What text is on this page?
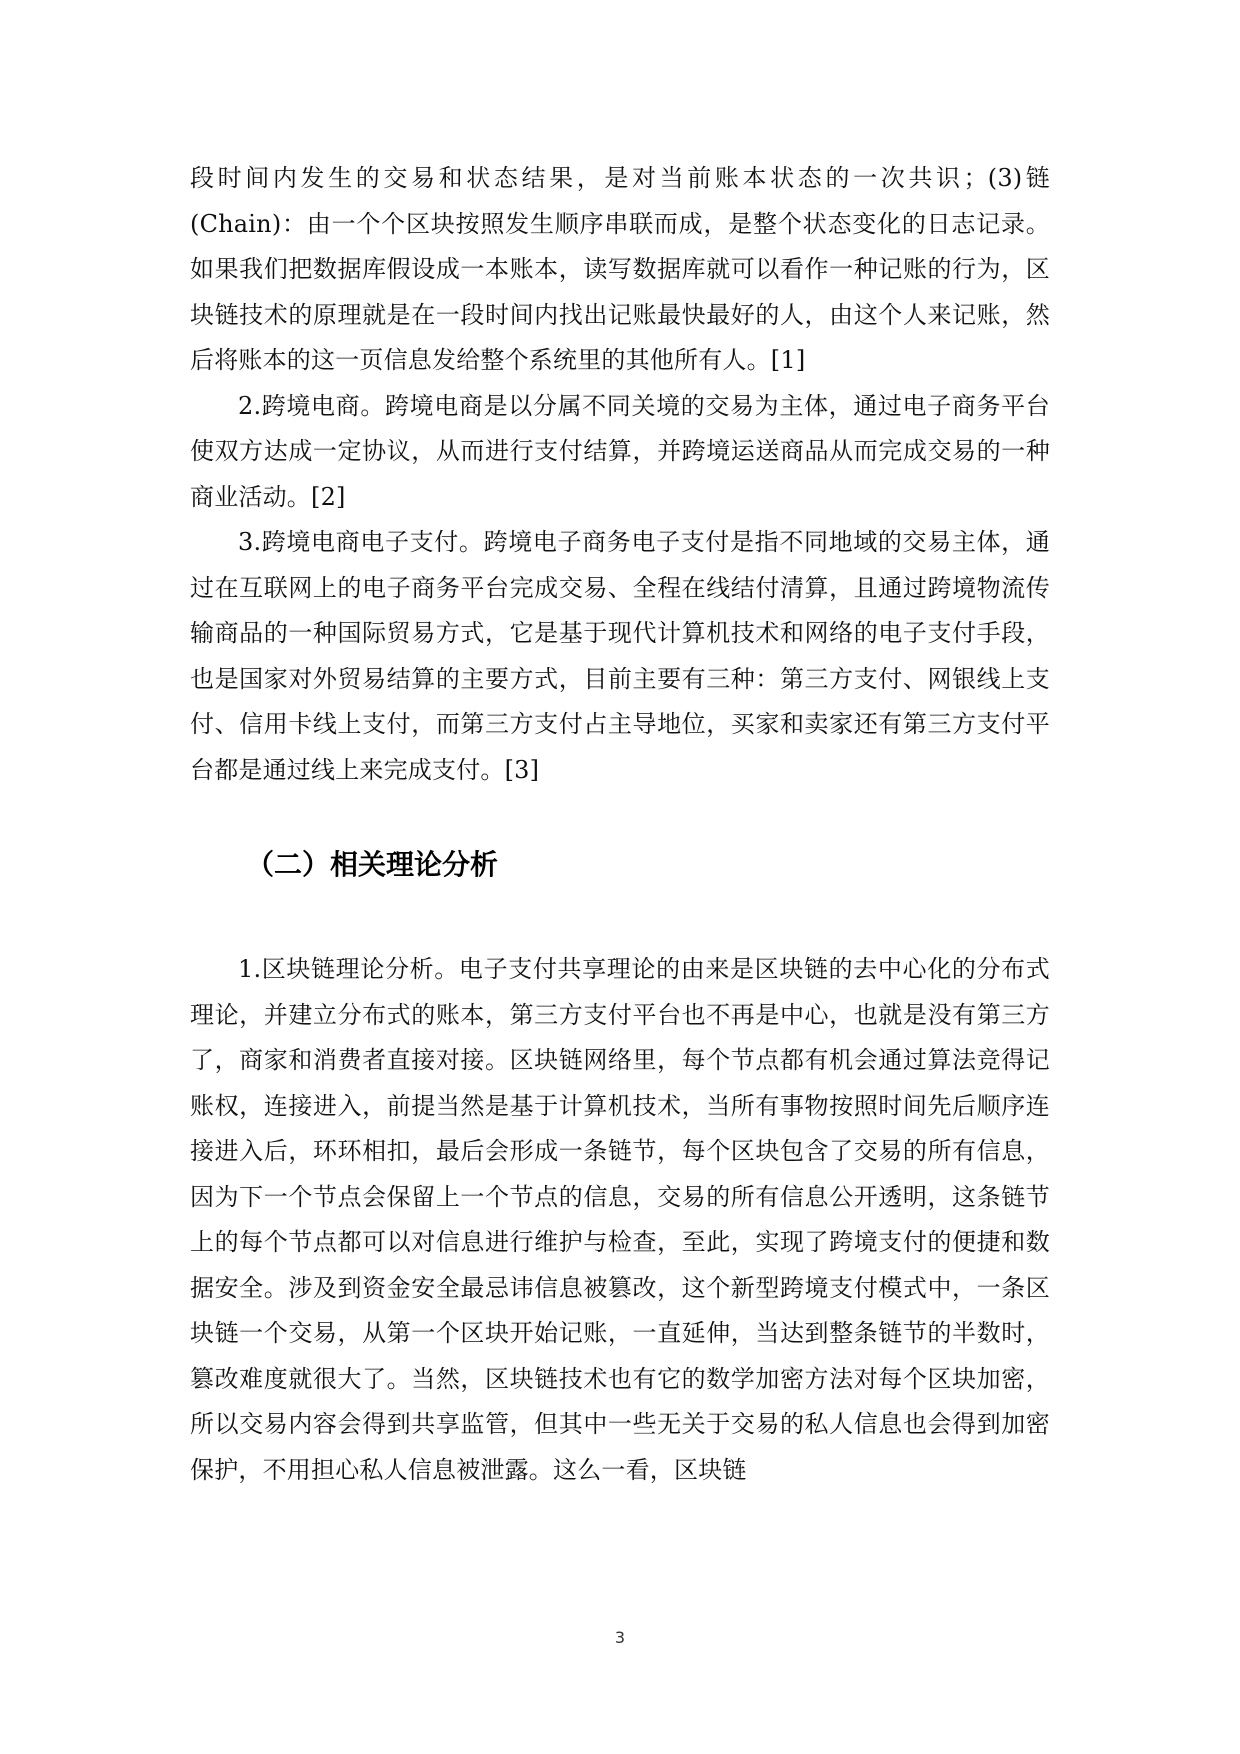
段时间内发生的交易和状态结果，是对当前账本状态的一次共识；(3)链(Chain)：由一个个区块按照发生顺序串联而成，是整个状态变化的日志记录。如果我们把数据库假设成一本账本，读写数据库就可以看作一种记账的行为，区块链技术的原理就是在一段时间内找出记账最快最好的人，由这个人来记账，然后将账本的这一页信息发给整个系统里的其他所有人。[1]

2.跨境电商。跨境电商是以分属不同关境的交易为主体，通过电子商务平台使双方达成一定协议，从而进行支付结算，并跨境运送商品从而完成交易的一种商业活动。[2]

3.跨境电商电子支付。跨境电子商务电子支付是指不同地域的交易主体，通过在互联网上的电子商务平台完成交易、全程在线结付清算，且通过跨境物流传输商品的一种国际贸易方式，它是基于现代计算机技术和网络的电子支付手段，也是国家对外贸易结算的主要方式，目前主要有三种：第三方支付、网银线上支付、信用卡线上支付，而第三方支付占主导地位，买家和卖家还有第三方支付平台都是通过线上来完成支付。[3]

（二）相关理论分析

1.区块链理论分析。电子支付共享理论的由来是区块链的去中心化的分布式理论，并建立分布式的账本，第三方支付平台也不再是中心，也就是没有第三方了，商家和消费者直接对接。区块链网络里，每个节点都有机会通过算法竞得记账权，连接进入，前提当然是基于计算机技术，当所有事物按照时间先后顺序连接进入后，环环相扣，最后会形成一条链节，每个区块包含了交易的所有信息，因为下一个节点会保留上一个节点的信息，交易的所有信息公开透明，这条链节上的每个节点都可以对信息进行维护与检查，至此，实现了跨境支付的便捷和数据安全。涉及到资金安全最忌讳信息被篡改，这个新型跨境支付模式中，一条区块链一个交易，从第一个区块开始记账，一直延伸，当达到整条链节的半数时，篡改难度就很大了。当然，区块链技术也有它的数学加密方法对每个区块加密，所以交易内容会得到共享监管，但其中一些无关于交易的私人信息也会得到加密保护，不用担心私人信息被泄露。这么一看，区块链

3
